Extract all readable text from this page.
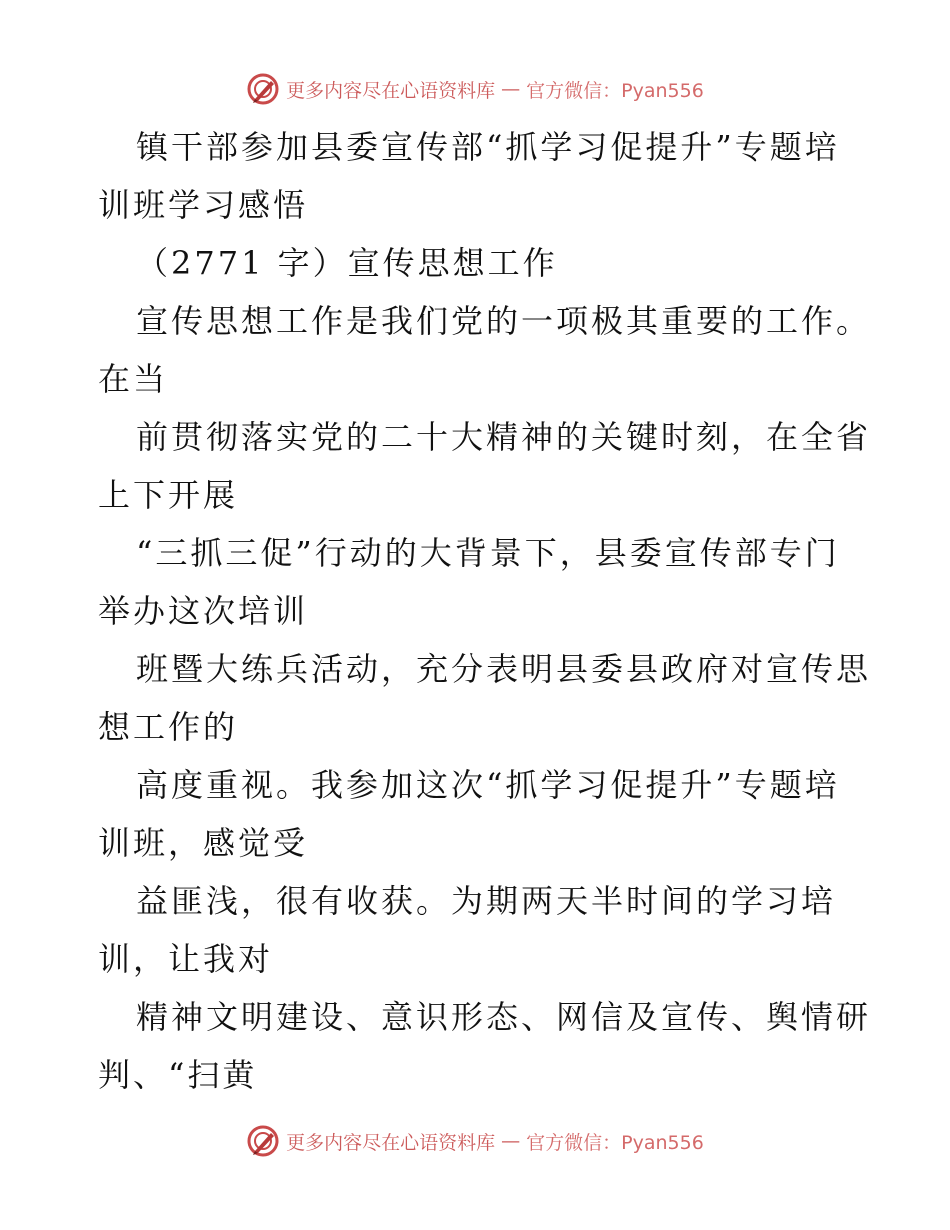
更多内容尽在心语资料库 — 官方微信：Pyan556

镇干部参加县委宣传部“抓学习促提升”专题培

训班学习感悟

（2771 字）宣传思想工作

宣传思想工作是我们党的一项极其重要的工作。

在当

前贯彻落实党的二十大精神的关键时刻，在全省

上下开展

“三抓三促”行动的大背景下，县委宣传部专门

举办这次培训

班暨大练兵活动，充分表明县委县政府对宣传思

想工作的

高度重视。我参加这次“抓学习促提升”专题培

训班，感觉受

益匪浅，很有收获。为期两天半时间的学习培

训，让我对

精神文明建设、意识形态、网信及宣传、舆情研

判、“扫黄

更多内容尽在心语资料库 — 官方微信：Pyan556
